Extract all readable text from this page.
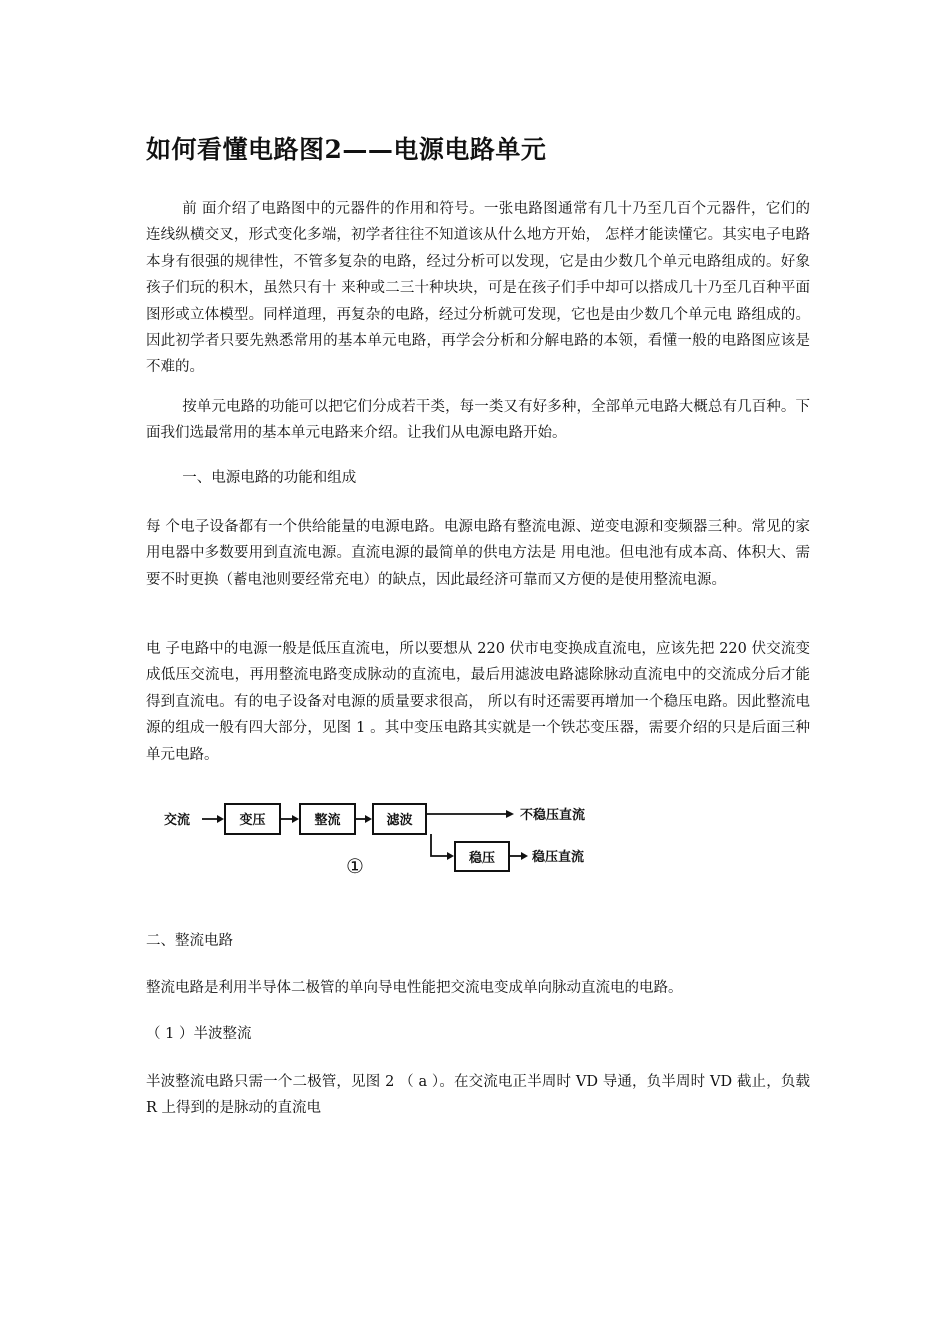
如何看懂电路图2——电源电路单元

前 面介绍了电路图中的元器件的作用和符号。一张电路图通常有几十乃至几百个元器件，它们的连线纵横交叉，形式变化多端，初学者往往不知道该从什么地方开始， 怎样才能读懂它。其实电子电路本身有很强的规律性，不管多复杂的电路，经过分析可以发现，它是由少数几个单元电路组成的。好象孩子们玩的积木，虽然只有十 来种或二三十种块块，可是在孩子们手中却可以搭成几十乃至几百种平面图形或立体模型。同样道理，再复杂的电路，经过分析就可发现，它也是由少数几个单元电 路组成的。因此初学者只要先熟悉常用的基本单元电路，再学会分析和分解电路的本领，看懂一般的电路图应该是不难的。

按单元电路的功能可以把它们分成若干类，每一类又有好多种，全部单元电路大概总有几百种。下面我们选最常用的基本单元电路来介绍。让我们从电源电路开始。

一、电源电路的功能和组成

每 个电子设备都有一个供给能量的电源电路。电源电路有整流电源、逆变电源和变频器三种。常见的家用电器中多数要用到直流电源。直流电源的最简单的供电方法是 用电池。但电池有成本高、体积大、需要不时更换（蓄电池则要经常充电）的缺点，因此最经济可靠而又方便的是使用整流电源。

电 子电路中的电源一般是低压直流电，所以要想从 220 伏市电变换成直流电，应该先把 220 伏交流变成低压交流电，再用整流电路变成脉动的直流电，最后用滤波电路滤除脉动直流电中的交流成分后才能得到直流电。有的电子设备对电源的质量要求很高， 所以有时还需要再增加一个稳压电路。因此整流电源的组成一般有四大部分，见图 1 。其中变压电路其实就是一个铁芯变压器，需要介绍的只是后面三种单元电路。

交流	变压	整流	滤波	不稳压直流
稳压	稳压直流
①

二、整流电路

整流电路是利用半导体二极管的单向导电性能把交流电变成单向脉动直流电的电路。

（ 1 ）半波整流

半波整流电路只需一个二极管，见图 2 （ a ）。在交流电正半周时 VD 导通，负半周时 VD 截止，负载 R 上得到的是脉动的直流电
